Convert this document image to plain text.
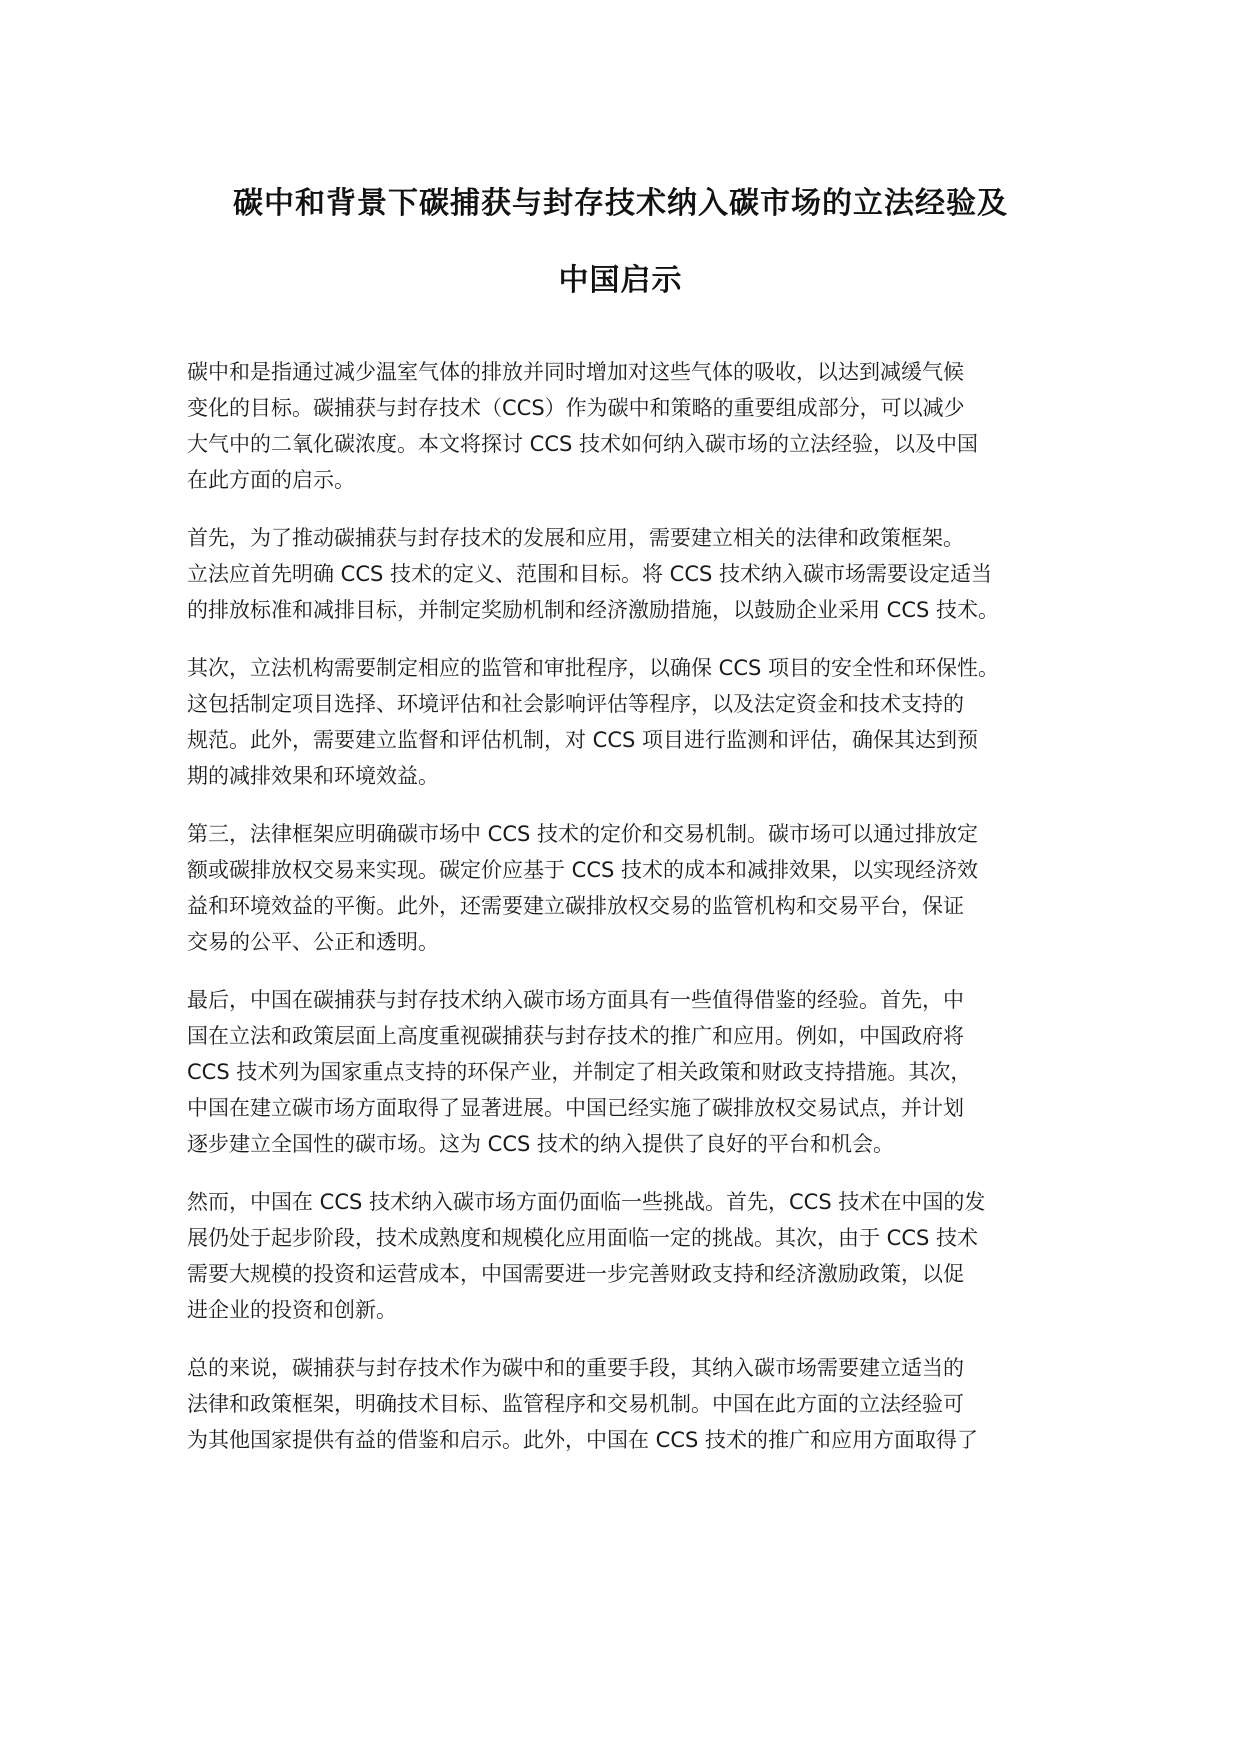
碳中和背景下碳捕获与封存技术纳入碳市场的立法经验及
中国启示
碳中和是指通过减少温室气体的排放并同时增加对这些气体的吸收，以达到减缓气候
变化的目标。碳捕获与封存技术（CCS）作为碳中和策略的重要组成部分，可以减少
大气中的二氧化碳浓度。本文将探讨 CCS 技术如何纳入碳市场的立法经验，以及中国
在此方面的启示。
首先，为了推动碳捕获与封存技术的发展和应用，需要建立相关的法律和政策框架。
立法应首先明确 CCS 技术的定义、范围和目标。将 CCS 技术纳入碳市场需要设定适当
的排放标准和减排目标，并制定奖励机制和经济激励措施，以鼓励企业采用 CCS 技术。
其次，立法机构需要制定相应的监管和审批程序，以确保 CCS 项目的安全性和环保性。
这包括制定项目选择、环境评估和社会影响评估等程序，以及法定资金和技术支持的
规范。此外，需要建立监督和评估机制，对 CCS 项目进行监测和评估，确保其达到预
期的减排效果和环境效益。
第三，法律框架应明确碳市场中 CCS 技术的定价和交易机制。碳市场可以通过排放定
额或碳排放权交易来实现。碳定价应基于 CCS 技术的成本和减排效果，以实现经济效
益和环境效益的平衡。此外，还需要建立碳排放权交易的监管机构和交易平台，保证
交易的公平、公正和透明。
最后，中国在碳捕获与封存技术纳入碳市场方面具有一些值得借鉴的经验。首先，中
国在立法和政策层面上高度重视碳捕获与封存技术的推广和应用。例如，中国政府将
CCS 技术列为国家重点支持的环保产业，并制定了相关政策和财政支持措施。其次，
中国在建立碳市场方面取得了显著进展。中国已经实施了碳排放权交易试点，并计划
逐步建立全国性的碳市场。这为 CCS 技术的纳入提供了良好的平台和机会。
然而，中国在 CCS 技术纳入碳市场方面仍面临一些挑战。首先，CCS 技术在中国的发
展仍处于起步阶段，技术成熟度和规模化应用面临一定的挑战。其次，由于 CCS 技术
需要大规模的投资和运营成本，中国需要进一步完善财政支持和经济激励政策，以促
进企业的投资和创新。
总的来说，碳捕获与封存技术作为碳中和的重要手段，其纳入碳市场需要建立适当的
法律和政策框架，明确技术目标、监管程序和交易机制。中国在此方面的立法经验可
为其他国家提供有益的借鉴和启示。此外，中国在 CCS 技术的推广和应用方面取得了
